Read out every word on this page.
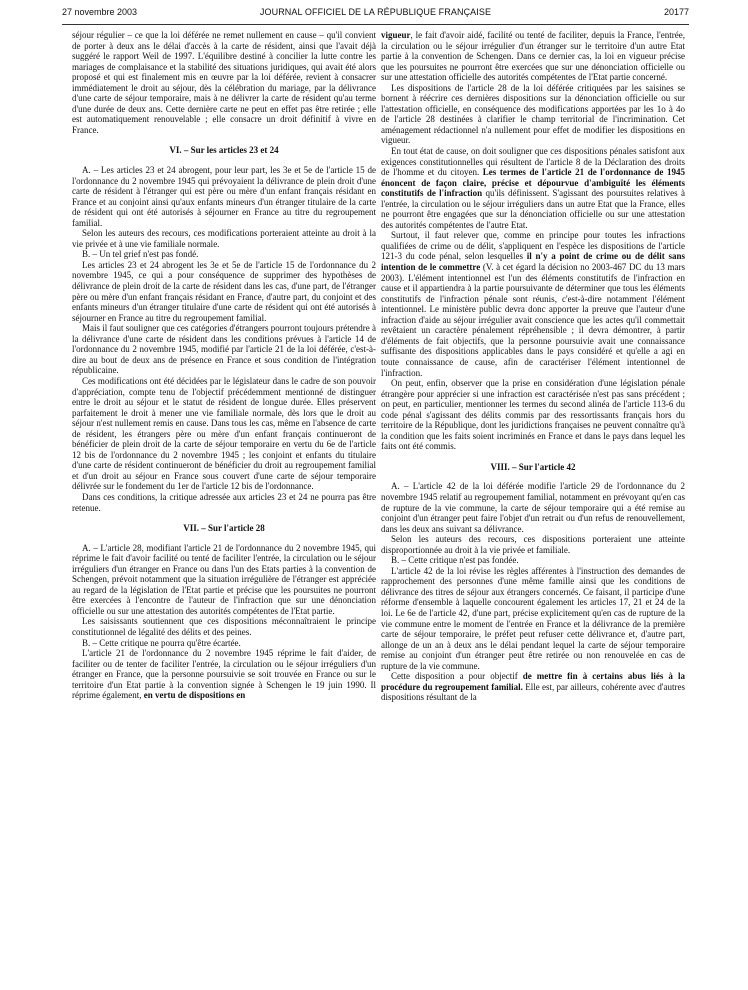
27 novembre 2003	JOURNAL OFFICIEL DE LA RÉPUBLIQUE FRANÇAISE	20177

séjour régulier – ce que la loi déférée ne remet nullement en cause – qu'il convient de porter à deux ans le délai d'accès à la carte de résident, ainsi que l'avait déjà suggéré le rapport Weil de 1997. L'équilibre destiné à concilier la lutte contre les mariages de complaisance et la stabilité des situations juridiques, qui avait été alors proposé et qui est finalement mis en œuvre par la loi déférée, revient à consacrer immédiatement le droit au séjour, dès la célébration du mariage, par la délivrance d'une carte de séjour temporaire, mais à ne délivrer la carte de résident qu'au terme d'une durée de deux ans. Cette dernière carte ne peut en effet pas être retirée ; elle est automatiquement renouvelable ; elle consacre un droit définitif à vivre en France.

VI. – Sur les articles 23 et 24

A. – Les articles 23 et 24 abrogent, pour leur part, les 3e et 5e de l'article 15 de l'ordonnance du 2 novembre 1945 qui prévoyaient la délivrance de plein droit d'une carte de résident à l'étranger qui est père ou mère d'un enfant français résidant en France et au conjoint ainsi qu'aux enfants mineurs d'un étranger titulaire de la carte de résident qui ont été autorisés à séjourner en France au titre du regroupement familial.

Selon les auteurs des recours, ces modifications porteraient atteinte au droit à la vie privée et à une vie familiale normale.

B. – Un tel grief n'est pas fondé.

Les articles 23 et 24 abrogent les 3e et 5e de l'article 15 de l'ordonnance du 2 novembre 1945, ce qui a pour conséquence de supprimer des hypothèses de délivrance de plein droit de la carte de résident dans les cas, d'une part, de l'étranger père ou mère d'un enfant français résidant en France, d'autre part, du conjoint et des enfants mineurs d'un étranger titulaire d'une carte de résident qui ont été autorisés à séjourner en France au titre du regroupement familial.

Mais il faut souligner que ces catégories d'étrangers pourront toujours prétendre à la délivrance d'une carte de résident dans les conditions prévues à l'article 14 de l'ordonnance du 2 novembre 1945, modifié par l'article 21 de la loi déférée, c'est-à-dire au bout de deux ans de présence en France et sous condition de l'intégration républicaine.

Ces modifications ont été décidées par le législateur dans le cadre de son pouvoir d'appréciation, compte tenu de l'objectif précédemment mentionné de distinguer entre le droit au séjour et le statut de résident de longue durée. Elles préservent parfaitement le droit à mener une vie familiale normale, dès lors que le droit au séjour n'est nullement remis en cause. Dans tous les cas, même en l'absence de carte de résident, les étrangers père ou mère d'un enfant français continueront de bénéficier de plein droit de la carte de séjour temporaire en vertu du 6e de l'article 12 bis de l'ordonnance du 2 novembre 1945 ; les conjoint et enfants du titulaire d'une carte de résident continueront de bénéficier du droit au regroupement familial et d'un droit au séjour en France sous couvert d'une carte de séjour temporaire délivrée sur le fondement du 1er de l'article 12 bis de l'ordonnance.

Dans ces conditions, la critique adressée aux articles 23 et 24 ne pourra pas être retenue.

VII. – Sur l'article 28

A. – L'article 28, modifiant l'article 21 de l'ordonnance du 2 novembre 1945, qui réprime le fait d'avoir facilité ou tenté de faciliter l'entrée, la circulation ou le séjour irréguliers d'un étranger en France ou dans l'un des Etats parties à la convention de Schengen, prévoit notamment que la situation irrégulière de l'étranger est appréciée au regard de la législation de l'Etat partie et précise que les poursuites ne pourront être exercées à l'encontre de l'auteur de l'infraction que sur une dénonciation officielle ou sur une attestation des autorités compétentes de l'Etat partie.

Les saisissants soutiennent que ces dispositions méconnaîtraient le principe constitutionnel de légalité des délits et des peines.

B. – Cette critique ne pourra qu'être écartée.

L'article 21 de l'ordonnance du 2 novembre 1945 réprime le fait d'aider, de faciliter ou de tenter de faciliter l'entrée, la circulation ou le séjour irréguliers d'un étranger en France, que la personne poursuivie se soit trouvée en France ou sur le territoire d'un Etat partie à la convention signée à Schengen le 19 juin 1990. Il réprime également, en vertu de dispositions en

vigueur, le fait d'avoir aidé, facilité ou tenté de faciliter, depuis la France, l'entrée, la circulation ou le séjour irrégulier d'un étranger sur le territoire d'un autre Etat partie à la convention de Schengen. Dans ce dernier cas, la loi en vigueur précise que les poursuites ne pourront être exercées que sur une dénonciation officielle ou sur une attestation officielle des autorités compétentes de l'Etat partie concerné.

Les dispositions de l'article 28 de la loi déférée critiquées par les saisines se bornent à réécrire ces dernières dispositions sur la dénonciation officielle ou sur l'attestation officielle, en conséquence des modifications apportées par les 1o à 4o de l'article 28 destinées à clarifier le champ territorial de l'incrimination. Cet aménagement rédactionnel n'a nullement pour effet de modifier les dispositions en vigueur.

En tout état de cause, on doit souligner que ces dispositions pénales satisfont aux exigences constitutionnelles qui résultent de l'article 8 de la Déclaration des droits de l'homme et du citoyen. Les termes de l'article 21 de l'ordonnance de 1945 énoncent de façon claire, précise et dépourvue d'ambiguïté les éléments constitutifs de l'infraction qu'ils définissent. S'agissant des poursuites relatives à l'entrée, la circulation ou le séjour irréguliers dans un autre Etat que la France, elles ne pourront être engagées que sur la dénonciation officielle ou sur une attestation des autorités compétentes de l'autre Etat.

Surtout, il faut relever que, comme en principe pour toutes les infractions qualifiées de crime ou de délit, s'appliquent en l'espèce les dispositions de l'article 121-3 du code pénal, selon lesquelles il n'y a point de crime ou de délit sans intention de le commettre (V. à cet égard la décision no 2003-467 DC du 13 mars 2003). L'élément intentionnel est l'un des éléments constitutifs de l'infraction en cause et il appartiendra à la partie poursuivante de déterminer que tous les éléments constitutifs de l'infraction pénale sont réunis, c'est-à-dire notamment l'élément intentionnel. Le ministère public devra donc apporter la preuve que l'auteur d'une infraction d'aide au séjour irrégulier avait conscience que les actes qu'il commettait revêtaient un caractère pénalement répréhensible ; il devra démontrer, à partir d'éléments de fait objectifs, que la personne poursuivie avait une connaissance suffisante des dispositions applicables dans le pays considéré et qu'elle a agi en toute connaissance de cause, afin de caractériser l'élément intentionnel de l'infraction.

On peut, enfin, observer que la prise en considération d'une législation pénale étrangère pour apprécier si une infraction est caractérisée n'est pas sans précédent ; on peut, en particulier, mentionner les termes du second alinéa de l'article 113-6 du code pénal s'agissant des délits commis par des ressortissants français hors du territoire de la République, dont les juridictions françaises ne peuvent connaître qu'à la condition que les faits soient incriminés en France et dans le pays dans lequel les faits ont été commis.

VIII. – Sur l'article 42

A. – L'article 42 de la loi déférée modifie l'article 29 de l'ordonnance du 2 novembre 1945 relatif au regroupement familial, notamment en prévoyant qu'en cas de rupture de la vie commune, la carte de séjour temporaire qui a été remise au conjoint d'un étranger peut faire l'objet d'un retrait ou d'un refus de renouvellement, dans les deux ans suivant sa délivrance.

Selon les auteurs des recours, ces dispositions porteraient une atteinte disproportionnée au droit à la vie privée et familiale.

B. – Cette critique n'est pas fondée.

L'article 42 de la loi révise les règles afférentes à l'instruction des demandes de rapprochement des personnes d'une même famille ainsi que les conditions de délivrance des titres de séjour aux étrangers concernés. Ce faisant, il participe d'une réforme d'ensemble à laquelle concourent également les articles 17, 21 et 24 de la loi. Le 6e de l'article 42, d'une part, précise explicitement qu'en cas de rupture de la vie commune entre le moment de l'entrée en France et la délivrance de la première carte de séjour temporaire, le préfet peut refuser cette délivrance et, d'autre part, allonge de un an à deux ans le délai pendant lequel la carte de séjour temporaire remise au conjoint d'un étranger peut être retirée ou non renouvelée en cas de rupture de la vie commune.

Cette disposition a pour objectif de mettre fin à certains abus liés à la procédure du regroupement familial. Elle est, par ailleurs, cohérente avec d'autres dispositions résultant de la
